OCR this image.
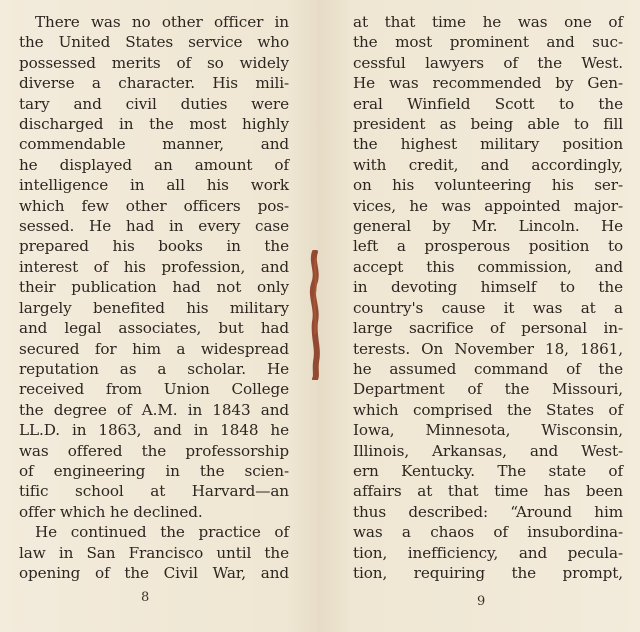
There was no other officer in
the United States service who
possessed merits of so widely
diverse a character. His mili-
tary and civil duties were
discharged in the most highly
commendable manner, and
he displayed an amount of
intelligence in all his work
which few other officers pos-
sessed. He had in every case
prepared his books in the
interest of his profession, and
their publication had not only
largely benefited his military
and legal associates, but had
secured for him a widespread
reputation as a scholar. He
received from Union College
the degree of A.M. in 1843 and
LL.D. in 1863, and in 1848 he
was offered the professorship
of engineering in the scien-
tific school at Harvard—an
offer which he declined.
He continued the practice of
law in San Francisco until the
opening of the Civil War, and
8
at that time he was one of
the most prominent and suc-
cessful lawyers of the West.
He was recommended by Gen-
eral Winfield Scott to the
president as being able to fill
the highest military position
with credit, and accordingly,
on his volunteering his ser-
vices, he was appointed major-
general by Mr. Lincoln. He
left a prosperous position to
accept this commission, and
in devoting himself to the
country's cause it was at a
large sacrifice of personal in-
terests. On November 18, 1861,
he assumed command of the
Department of the Missouri,
which comprised the States of
Iowa, Minnesota, Wisconsin,
Illinois, Arkansas, and West-
ern Kentucky. The state of
affairs at that time has been
thus described: “Around him
was a chaos of insubordina-
tion, inefficiency, and pecula-
tion, requiring the prompt,
9
